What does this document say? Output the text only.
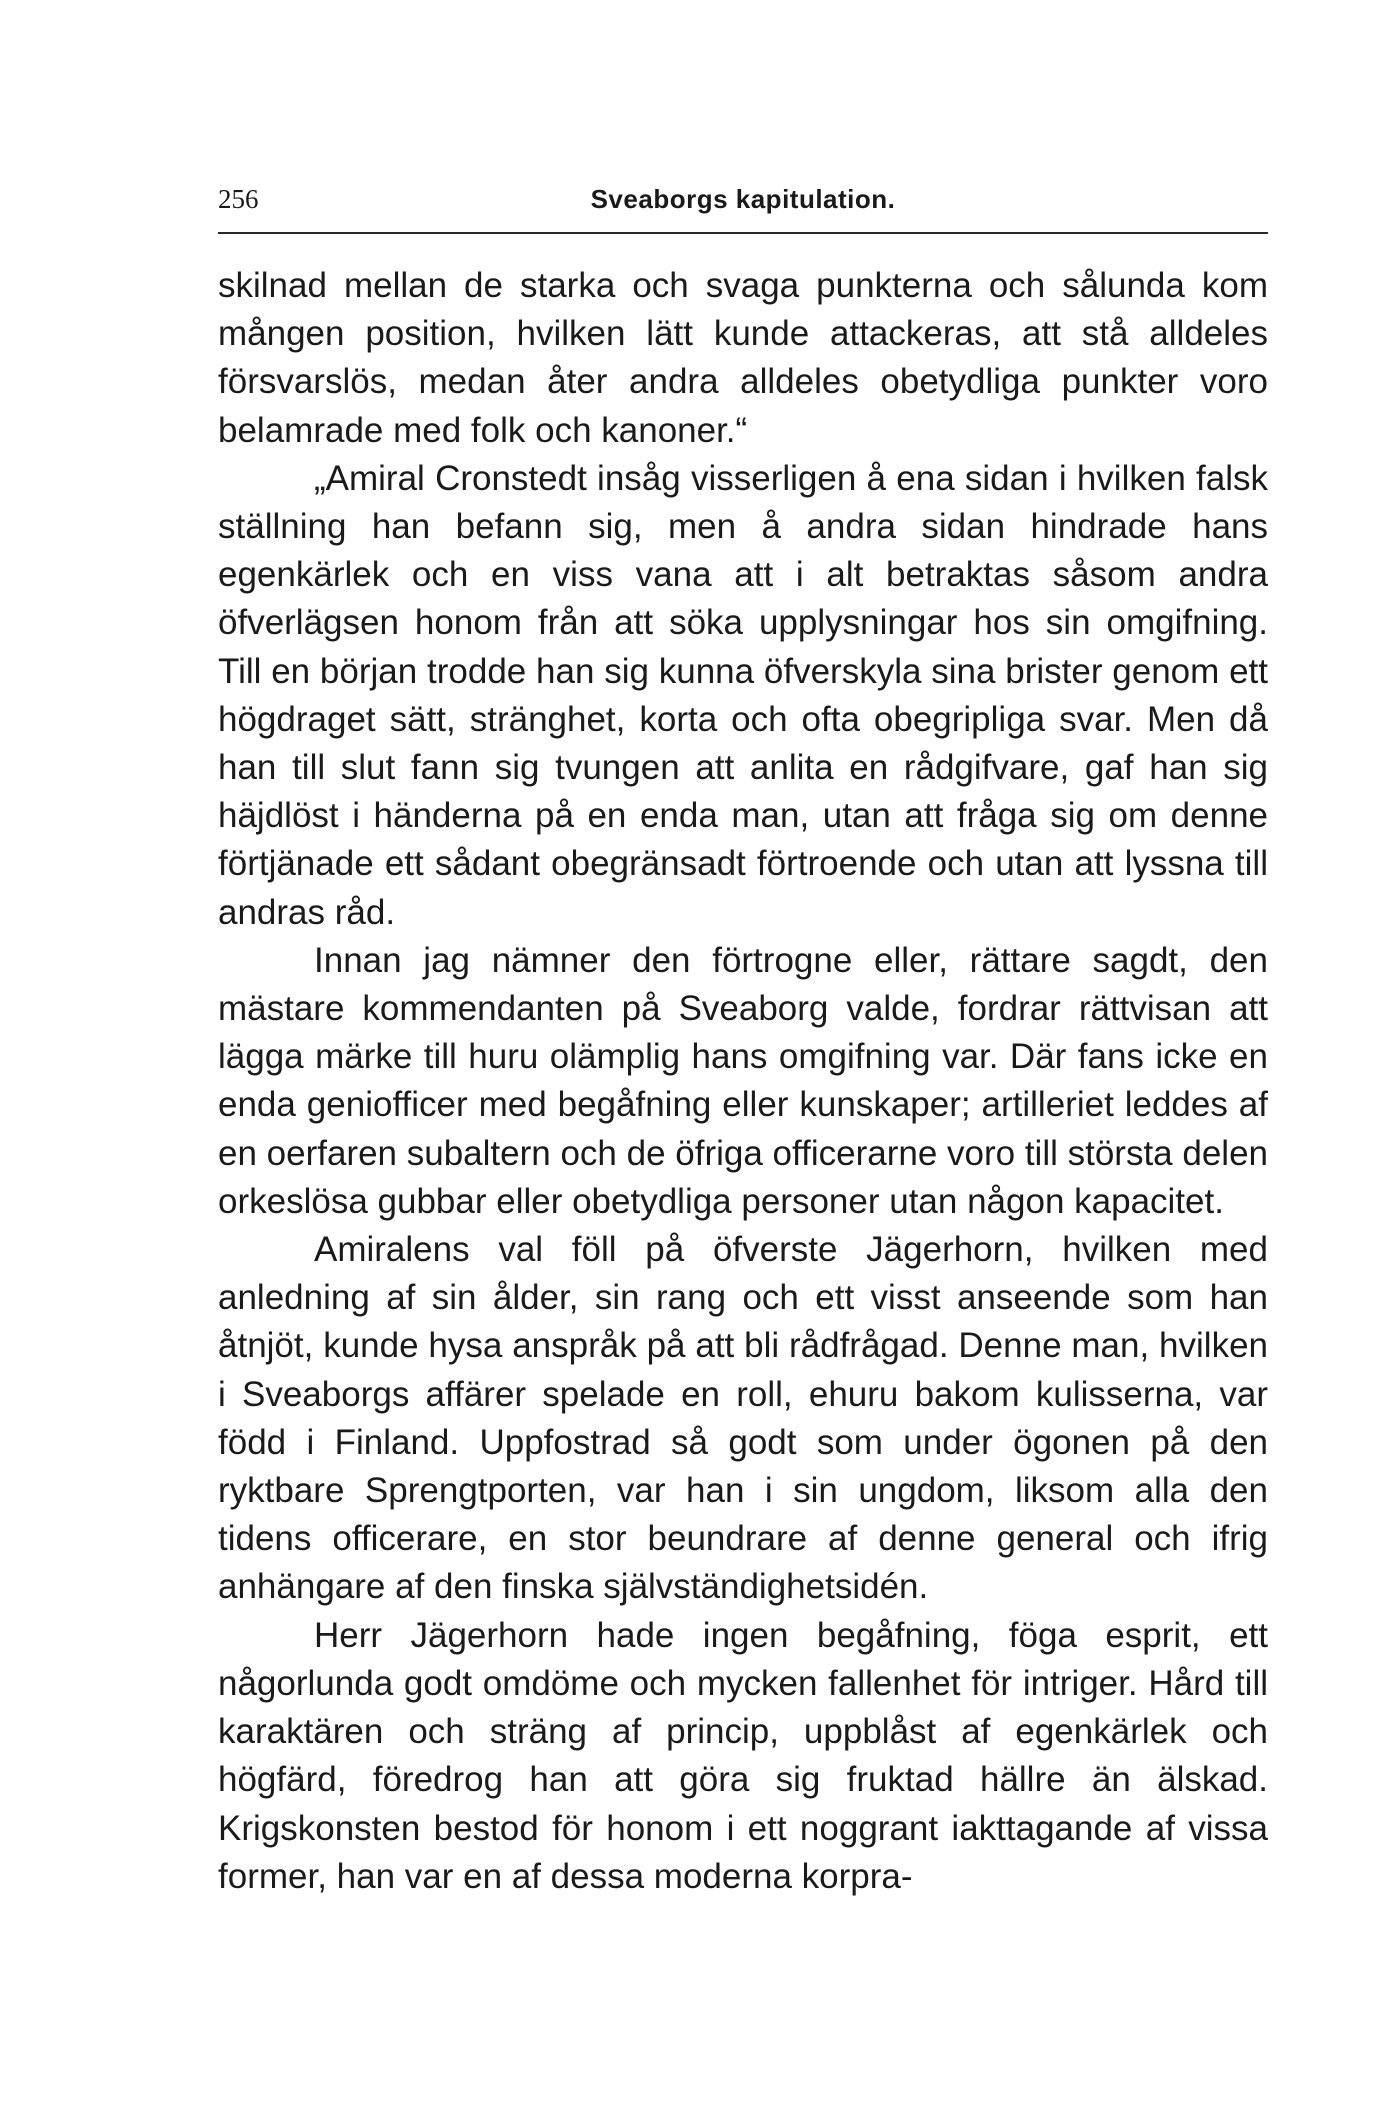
256	Sveaborgs kapitulation.

skilnad mellan de starka och svaga punkterna och sålunda kom mången position, hvilken lätt kunde attackeras, att stå alldeles försvarslös, medan åter andra alldeles obetydliga punkter voro belamrade med folk och kanoner.“

„Amiral Cronstedt insåg visserligen å ena sidan i hvilken falsk ställning han befann sig, men å andra sidan hindrade hans egenkärlek och en viss vana att i alt betraktas såsom andra öfverlägsen honom från att söka upplysningar hos sin omgifning. Till en början trodde han sig kunna öfverskyla sina brister genom ett högdraget sätt, stränghet, korta och ofta obegripliga svar. Men då han till slut fann sig tvungen att anlita en rådgifvare, gaf han sig häjdlöst i händerna på en enda man, utan att fråga sig om denne förtjänade ett sådant obegränsadt förtroende och utan att lyssna till andras råd.

Innan jag nämner den förtrogne eller, rättare sagdt, den mästare kommendanten på Sveaborg valde, fordrar rättvisan att lägga märke till huru olämplig hans omgifning var. Där fans icke en enda geniofficer med begåfning eller kunskaper; artilleriet leddes af en oerfaren subaltern och de öfriga officerarne voro till största delen orkeslösa gubbar eller obetydliga personer utan någon kapacitet.

Amiralens val föll på öfverste Jägerhorn, hvilken med anledning af sin ålder, sin rang och ett visst anseende som han åtnjöt, kunde hysa anspråk på att bli rådfrågad. Denne man, hvilken i Sveaborgs affärer spelade en roll, ehuru bakom kulisserna, var född i Finland. Uppfostrad så godt som under ögonen på den ryktbare Sprengtporten, var han i sin ungdom, liksom alla den tidens officerare, en stor beundrare af denne general och ifrig anhängare af den finska självständighetsidén.

Herr Jägerhorn hade ingen begåfning, föga esprit, ett någorlunda godt omdöme och mycken fallenhet för intriger. Hård till karaktären och sträng af princip, uppblåst af egenkärlek och högfärd, föredrog han att göra sig fruktad hällre än älskad. Krigskonsten bestod för honom i ett noggrant iakttagande af vissa former, han var en af dessa moderna korpra-
